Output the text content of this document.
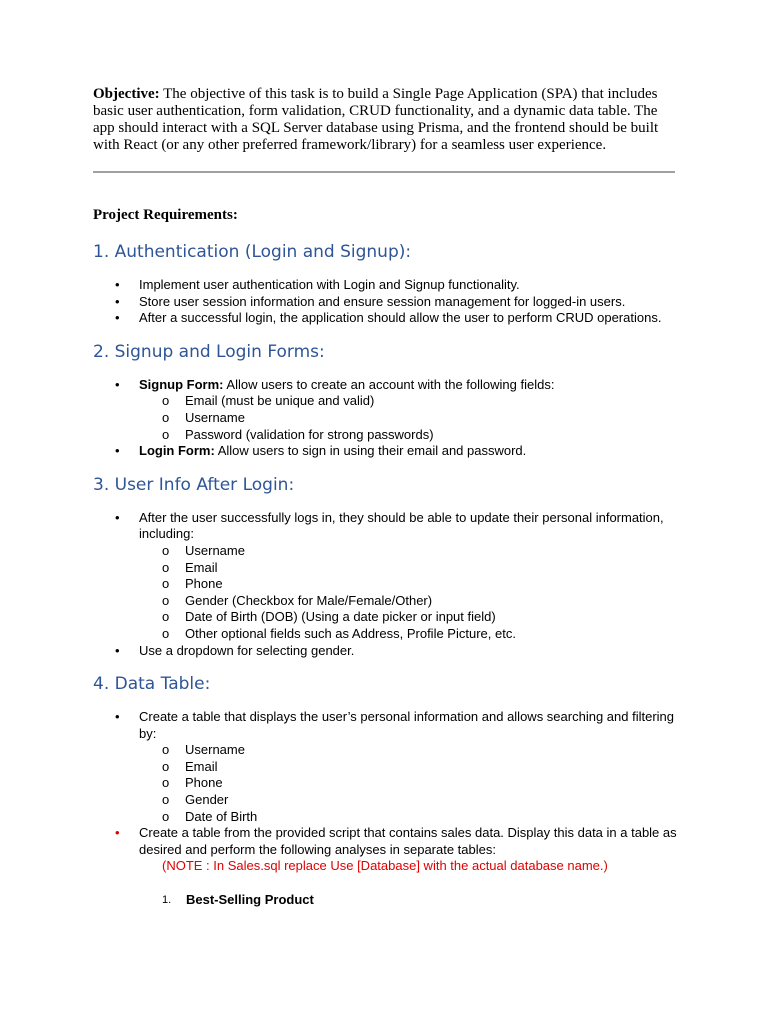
Objective: The objective of this task is to build a Single Page Application (SPA) that includes basic user authentication, form validation, CRUD functionality, and a dynamic data table. The app should interact with a SQL Server database using Prisma, and the frontend should be built with React (or any other preferred framework/library) for a seamless user experience.

Project Requirements:

1. Authentication (Login and Signup):
• Implement user authentication with Login and Signup functionality.
• Store user session information and ensure session management for logged-in users.
• After a successful login, the application should allow the user to perform CRUD operations.
2. Signup and Login Forms:
• Signup Form: Allow users to create an account with the following fields:
o Email (must be unique and valid)
o Username
o Password (validation for strong passwords)
• Login Form: Allow users to sign in using their email and password.
3. User Info After Login:
• After the user successfully logs in, they should be able to update their personal information, including:
o Username
o Email
o Phone
o Gender (Checkbox for Male/Female/Other)
o Date of Birth (DOB) (Using a date picker or input field)
o Other optional fields such as Address, Profile Picture, etc.
• Use a dropdown for selecting gender.
4. Data Table:
• Create a table that displays the user’s personal information and allows searching and filtering by:
o Username
o Email
o Phone
o Gender
o Date of Birth
• Create a table from the provided script that contains sales data. Display this data in a table as desired and perform the following analyses in separate tables:
(NOTE : In Sales.sql replace Use [Database] with the actual database name.)
1. Best-Selling Product
